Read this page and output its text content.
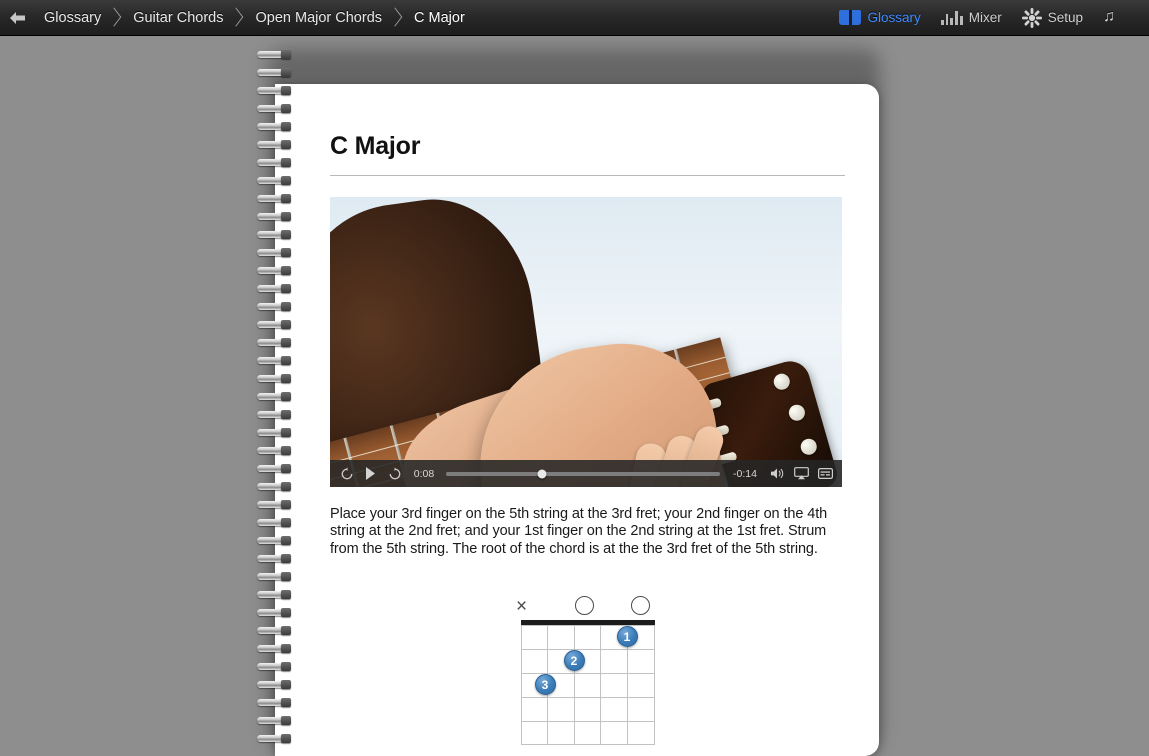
Glossary Guitar Chords Open Major Chords C Major	Glossary	Mixer	Setup ♫
C Major
0:08	-0:14

Place your 3rd finger on the 5th string at the 3rd fret; your 2nd finger on the 4th string at the 2nd fret; and your 1st finger on the 2nd string at the 1st fret. Strum from the 5th string. The root of the chord is at the the 3rd fret of the 5th string.

×
1
2
3
